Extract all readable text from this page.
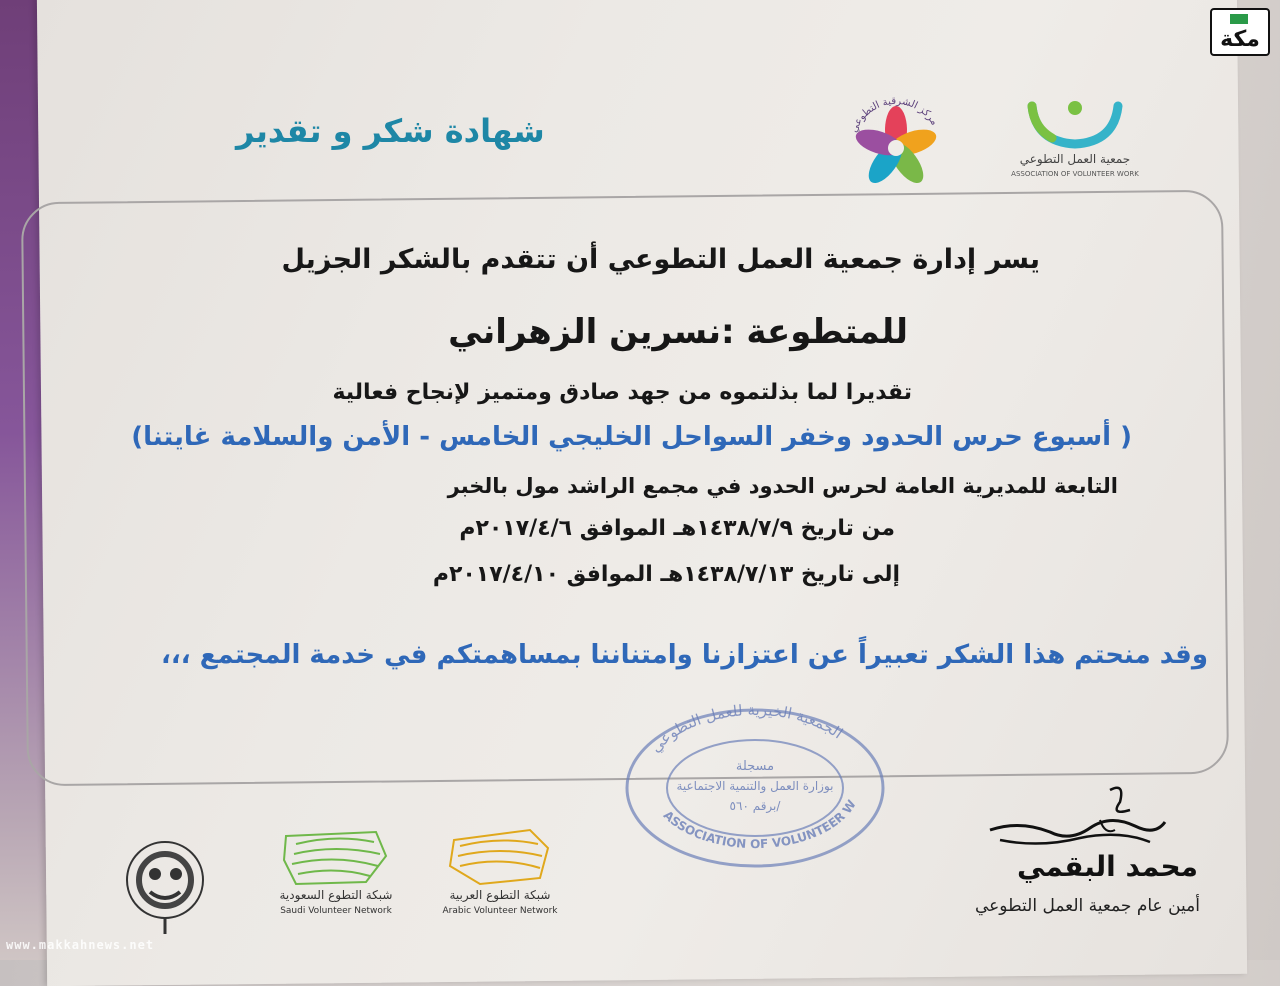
مكة
شهادة شكر و تقدير	مركز الشرقية التطوعي
جمعية العمل التطوعي
ASSOCIATION OF VOLUNTEER WORK
يسر إدارة جمعية العمل التطوعي أن تتقدم بالشكر الجزيل
للمتطوعة :نسرين الزهراني
تقديرا لما بذلتموه من جهد صادق ومتميز لإنجاح فعالية
( أسبوع حرس الحدود وخفر السواحل الخليجي الخامس - الأمن والسلامة غايتنا)
التابعة للمديرية العامة لحرس الحدود في مجمع الراشد مول بالخبر
من تاريخ ١٤٣٨/٧/٩هـ الموافق ٢٠١٧/٤/٦م
إلى تاريخ ١٤٣٨/٧/١٣هـ الموافق ٢٠١٧/٤/١٠م
وقد منحتم هذا الشكر تعبيراً عن اعتزازنا وامتناننا بمساهمتكم في خدمة المجتمع ،،،
الجمعية الخيرية للعمل التطوعي
ASSOCIATION OF VOLUNTEER W
مسجلة
بوزارة العمل والتنمية الاجتماعية
برقم ٥٦٠/
محمد البقمي
أمين عام جمعية العمل التطوعي
شبكة التطوع السعودية
Saudi Volunteer Network
شبكة التطوع العربية
Arabic Volunteer Network
www.makkahnews.net
